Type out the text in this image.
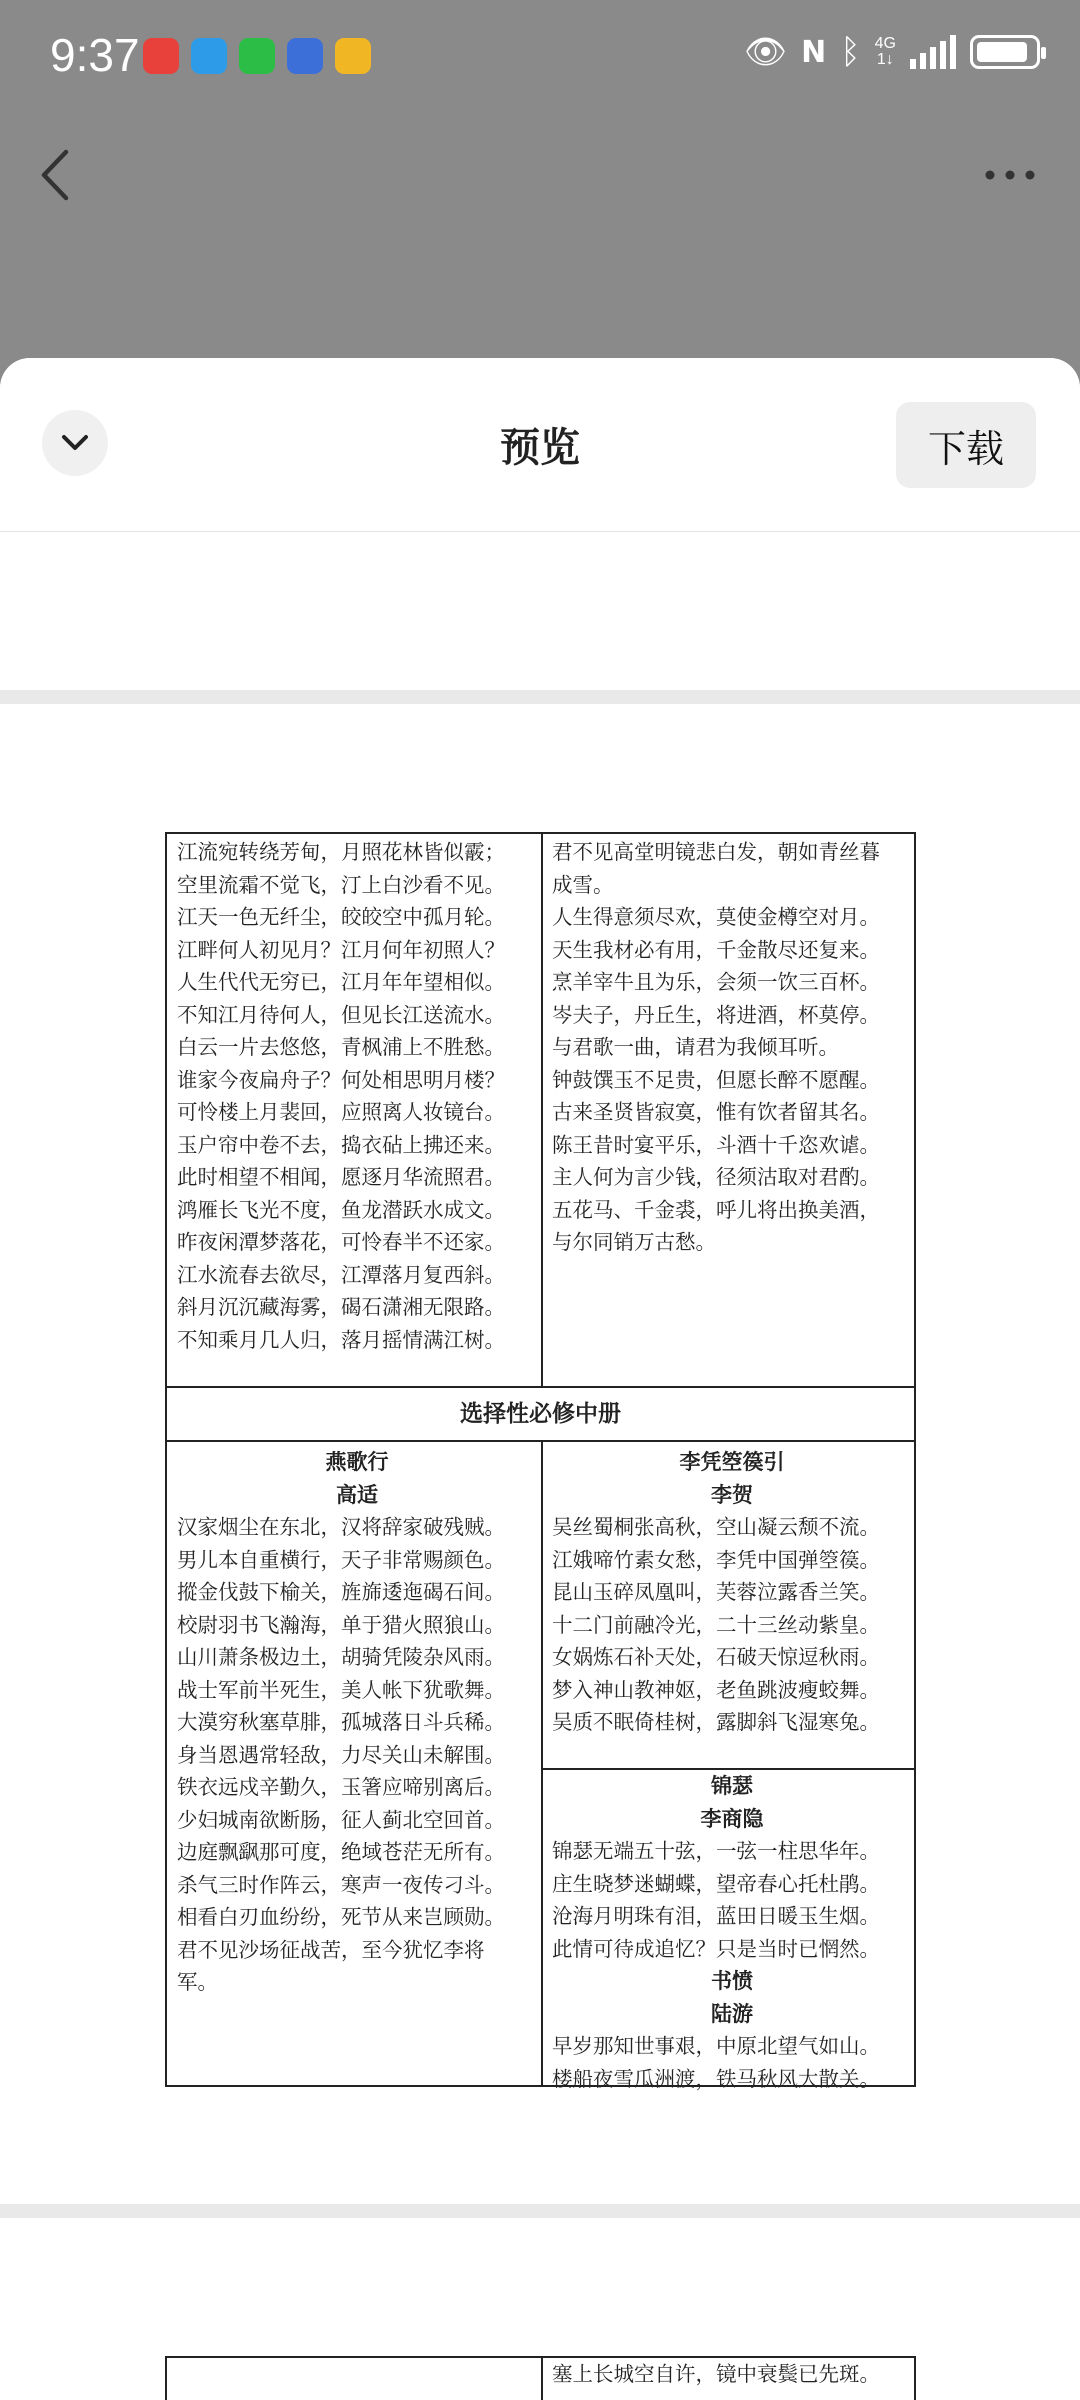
9:37	👁 N ᛒ 4G
1↓
预览	下载
江流宛转绕芳甸，月照花林皆似霰；
空里流霜不觉飞，汀上白沙看不见。
江天一色无纤尘，皎皎空中孤月轮。
江畔何人初见月？江月何年初照人？
人生代代无穷已，江月年年望相似。
不知江月待何人，但见长江送流水。
白云一片去悠悠，青枫浦上不胜愁。
谁家今夜扁舟子？何处相思明月楼？
可怜楼上月裴回，应照离人妆镜台。
玉户帘中卷不去，捣衣砧上拂还来。
此时相望不相闻，愿逐月华流照君。
鸿雁长飞光不度，鱼龙潜跃水成文。
昨夜闲潭梦落花，可怜春半不还家。
江水流春去欲尽，江潭落月复西斜。
斜月沉沉藏海雾，碣石潇湘无限路。
不知乘月几人归，落月摇情满江树。
君不见高堂明镜悲白发，朝如青丝暮
成雪。
人生得意须尽欢，莫使金樽空对月。
天生我材必有用，千金散尽还复来。
烹羊宰牛且为乐，会须一饮三百杯。
岑夫子，丹丘生，将进酒，杯莫停。
与君歌一曲，请君为我倾耳听。
钟鼓馔玉不足贵，但愿长醉不愿醒。
古来圣贤皆寂寞，惟有饮者留其名。
陈王昔时宴平乐，斗酒十千恣欢谑。
主人何为言少钱，径须沽取对君酌。
五花马、千金裘，呼儿将出换美酒，
与尔同销万古愁。
选择性必修中册
燕歌行
高适
汉家烟尘在东北，汉将辞家破残贼。
男儿本自重横行，天子非常赐颜色。
摐金伐鼓下榆关，旌旆逶迤碣石间。
校尉羽书飞瀚海，单于猎火照狼山。
山川萧条极边土，胡骑凭陵杂风雨。
战士军前半死生，美人帐下犹歌舞。
大漠穷秋塞草腓，孤城落日斗兵稀。
身当恩遇常轻敌，力尽关山未解围。
铁衣远戍辛勤久，玉箸应啼别离后。
少妇城南欲断肠，征人蓟北空回首。
边庭飘飖那可度，绝域苍茫无所有。
杀气三时作阵云，寒声一夜传刁斗。
相看白刃血纷纷，死节从来岂顾勋。
君不见沙场征战苦，至今犹忆李将
军。
李凭箜篌引
李贺
吴丝蜀桐张高秋，空山凝云颓不流。
江娥啼竹素女愁，李凭中国弹箜篌。
昆山玉碎凤凰叫，芙蓉泣露香兰笑。
十二门前融冷光，二十三丝动紫皇。
女娲炼石补天处，石破天惊逗秋雨。
梦入神山教神妪，老鱼跳波瘦蛟舞。
吴质不眠倚桂树，露脚斜飞湿寒兔。
锦瑟
李商隐
锦瑟无端五十弦，一弦一柱思华年。
庄生晓梦迷蝴蝶，望帝春心托杜鹃。
沧海月明珠有泪，蓝田日暖玉生烟。
此情可待成追忆？只是当时已惘然。
书愤
陆游
早岁那知世事艰，中原北望气如山。
楼船夜雪瓜洲渡，铁马秋风大散关。
塞上长城空自许，镜中衰鬓已先斑。
